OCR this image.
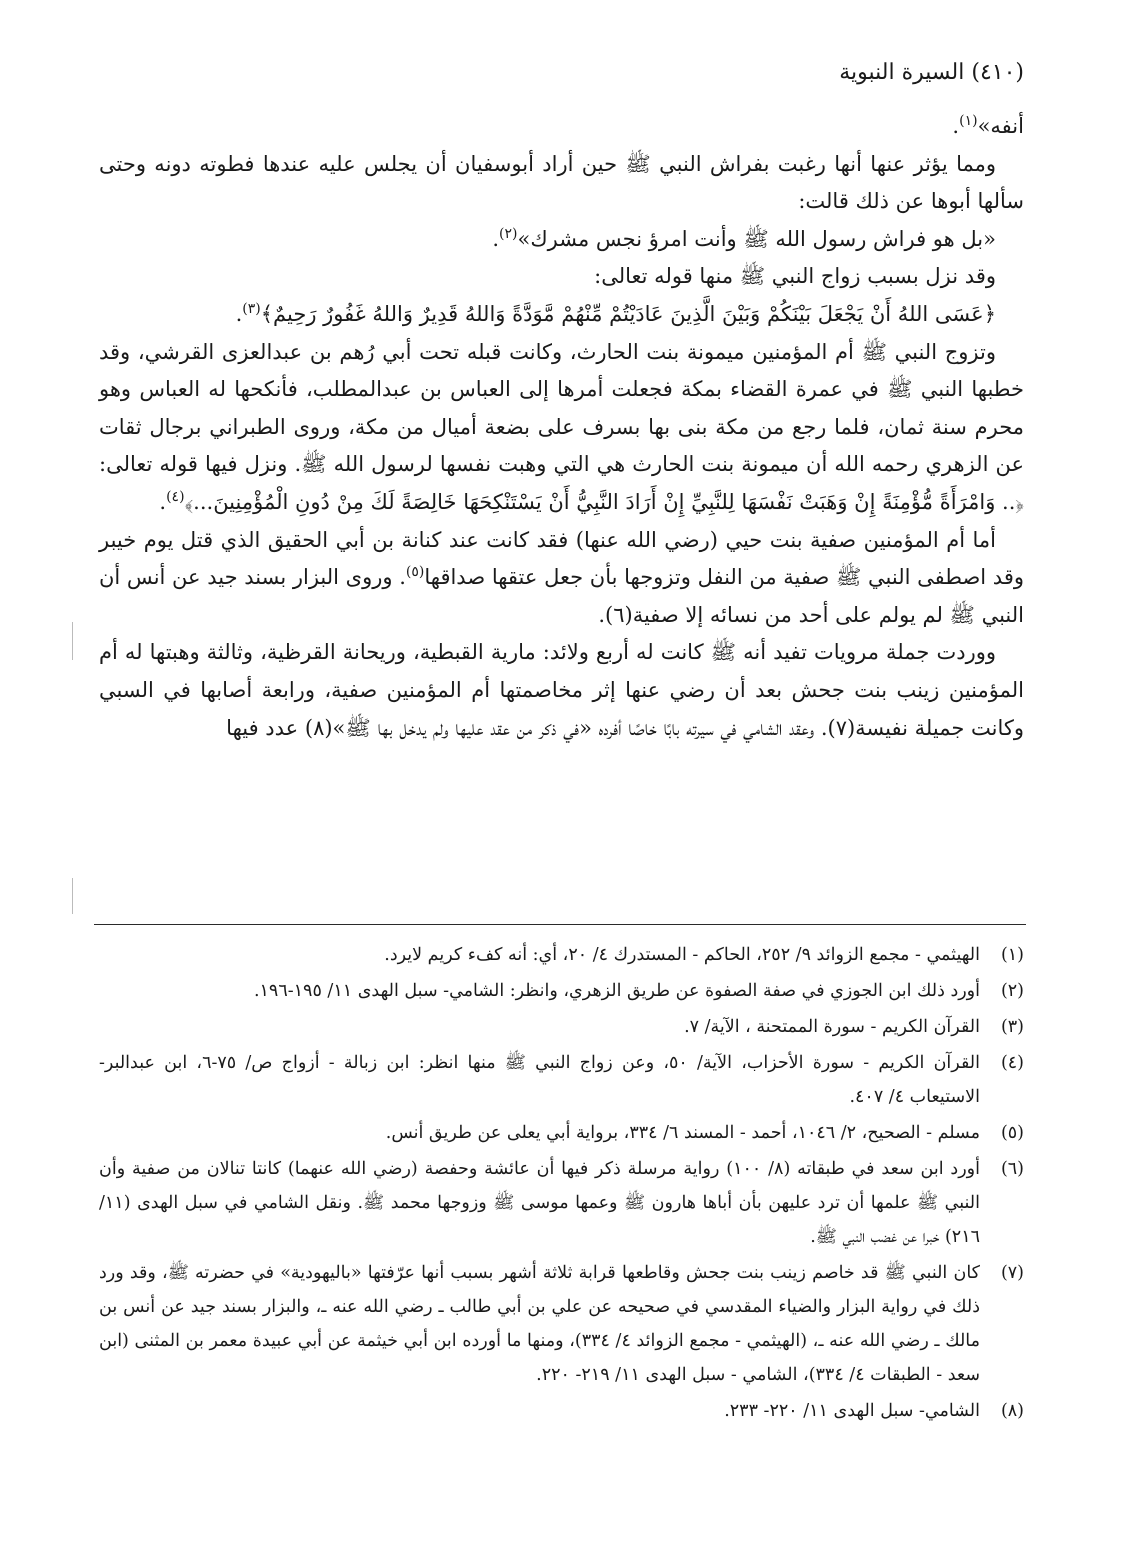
(٤١٠) السيرة النبوية

أنفه»$^{(١)}$.

ومما يؤثر عنها أنها رغبت بفراش النبي ﷺ حين أراد أبوسفيان أن يجلس عليه عندها فطوته دونه وحتى سألها أبوها عن ذلك قالت:

«بل هو فراش رسول الله ﷺ وأنت امرؤ نجس مشرك»$^{(٢)}$.

وقد نزل بسبب زواج النبي ﷺ منها قوله تعالى:

﴿عَسَى اللهُ أَنْ يَجْعَلَ بَيْنَكُمْ وَبَيْنَ الَّذِينَ عَادَيْتُمْ مِّنْهُمْ مَّوَدَّةً وَاللهُ قَدِيرٌ وَاللهُ غَفُورٌ رَحِيمٌ﴾$^{(٣)}$.

وتزوج النبي ﷺ أم المؤمنين ميمونة بنت الحارث، وكانت قبله تحت أبي رُهم بن عبدالعزى القرشي، وقد خطبها النبي ﷺ في عمرة القضاء بمكة فجعلت أمرها إلى العباس بن عبدالمطلب، فأنكحها له العباس وهو محرم سنة ثمان، فلما رجع من مكة بنى بها بسرف على بضعة أميال من مكة، وروى الطبراني برجال ثقات عن الزهري رحمه الله أن ميمونة بنت الحارث هي التي وهبت نفسها لرسول الله ﷺ. ونزل فيها قوله تعالى: ﴿.. وَامْرَأَةً مُّؤْمِنَةً إِنْ وَهَبَتْ نَفْسَهَا لِلنَّبِيِّ إِنْ أَرَادَ النَّبِيُّ أَنْ يَسْتَنْكِحَهَا خَالِصَةً لَكَ مِنْ دُونِ الْمُؤْمِنِينَ...﴾$^{(٤)}$.

أما أم المؤمنين صفية بنت حيي (رضي الله عنها) فقد كانت عند كنانة بن أبي الحقيق الذي قتل يوم خيبر وقد اصطفى النبي ﷺ صفية من النفل وتزوجها بأن جعل عتقها صداقها$^{(٥)}$. وروى البزار بسند جيد عن أنس أن النبي ﷺ لم يولم على أحد من نسائه إلا صفية(٦).

ووردت جملة مرويات تفيد أنه ﷺ كانت له أربع ولائد: مارية القبطية، وريحانة القرظية، وثالثة وهبتها له أم المؤمنين زينب بنت جحش بعد أن رضي عنها إثر مخاصمتها أم المؤمنين صفية، ورابعة أصابها في السبي وكانت جميلة نفيسة(٧). وعقد الشامي في سيرته بابًا خاصًا أفرده «في ذكر من عقد عليها ولم يدخل بها ﷺ»(٨) عدد فيها

(١)
الهيثمي - مجمع الزوائد ٩/ ٢٥٢، الحاكم - المستدرك ٤/ ٢٠، أي: أنه كفء كريم لايرد.
(٢)
أورد ذلك ابن الجوزي في صفة الصفوة عن طريق الزهري، وانظر: الشامي- سبل الهدى ١١/ ١٩٥-١٩٦.
(٣)
القرآن الكريم - سورة الممتحنة ، الآية/ ٧.
(٤)
القرآن الكريم - سورة الأحزاب، الآية/ ٥٠، وعن زواج النبي ﷺ منها انظر: ابن زبالة - أزواج ص/ ٧٥-٦، ابن عبدالبر- الاستيعاب ٤/ ٤٠٧.
(٥)
مسلم - الصحيح، ٢/ ١٠٤٦، أحمد - المسند ٦/ ٣٣٤، برواية أبي يعلى عن طريق أنس.
(٦)
أورد ابن سعد في طبقاته (٨/ ١٠٠) رواية مرسلة ذكر فيها أن عائشة وحفصة (رضي الله عنهما) كانتا تنالان من صفية وأن النبي ﷺ علمها أن ترد عليهن بأن أباها هارون ﷺ وعمها موسى ﷺ وزوجها محمد ﷺ. ونقل الشامي في سبل الهدى (١١/ ٢١٦) خبرا عن غضب النبي ﷺ.
(٧)
كان النبي ﷺ قد خاصم زينب بنت جحش وقاطعها قرابة ثلاثة أشهر بسبب أنها عرّفتها «باليهودية» في حضرته ﷺ، وقد ورد ذلك في رواية البزار والضياء المقدسي في صحيحه عن علي بن أبي طالب ـ رضي الله عنه ـ، والبزار بسند جيد عن أنس بن مالك ـ رضي الله عنه ـ، (الهيثمي - مجمع الزوائد ٤/ ٣٣٤)، ومنها ما أورده ابن أبي خيثمة عن أبي عبيدة معمر بن المثنى (ابن سعد - الطبقات ٤/ ٣٣٤)، الشامي - سبل الهدى ١١/ ٢١٩- ٢٢٠.
(٨)
الشامي- سبل الهدى ١١/ ٢٢٠- ٢٣٣.
